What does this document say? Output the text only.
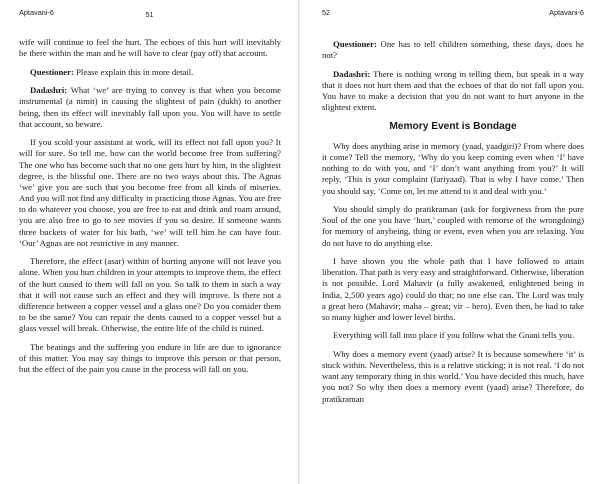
Aptavani-6	51

wife will continue to feel the hurt. The echoes of this hurt will inevitably be there within the man and he will have to clear (pay off) that account.

Questioner: Please explain this in more detail.

Dadashri: What ‘we’ are trying to convey is that when you become instrumental (a nimit) in causing the slightest of pain (dukh) to another being, then its effect will inevitably fall upon you. You will have to settle that account, so beware.

If you scold your assistant at work, will its effect not fall upon you? It will for sure. So tell me, how can the world become free from suffering? The one who has become such that no one gets hurt by him, in the slightest degree, is the blissful one. There are no two ways about this. The Agnas ‘we’ give you are such that you become free from all kinds of miseries. And you will not find any difficulty in practicing those Agnas. You are free to do whatever you choose, you are free to eat and drink and roam around, you are also free to go to see movies if you so desire. If someone wants three buckets of water for his bath, ‘we’ will tell him he can have four. ‘Our’ Agnas are not restrictive in any manner.

Therefore, the effect (asar) within of hurting anyone will not leave you alone. When you hurt children in your attempts to improve them, the effect of the hurt caused to them will fall on you. So talk to them in such a way that it will not cause such an effect and they will improve. Is there not a difference between a copper vessel and a glass one? Do you consider them to be the same? You can repair the dents caused to a copper vessel but a glass vessel will break. Otherwise, the entire life of the child is ruined.

The beatings and the suffering you endure in life are due to ignorance of this matter. You may say things to improve this person or that person, but the effect of the pain you cause in the process will fall on you.

52	Aptavani-6

Questioner: One has to tell children something, these days, does he not?

Dadashri: There is nothing wrong in telling them, but speak in a way that it does not hurt them and that the echoes of that do not fall upon you. You have to make a decision that you do not want to hurt anyone in the slightest extent.

Memory Event is Bondage

Why does anything arise in memory (yaad, yaadgiri)? From where does it come? Tell the memory, ‘Why do you keep coming even when ‘I’ have nothing to do with you, and ‘I’ don’t want anything from you?’ It will reply, ‘This is your complaint (fariyaad). That is why I have come.’ Then you should say, ‘Come on, let me attend to it and deal with you.’

You should simply do pratikraman (ask for forgiveness from the pure Soul of the one you have ‘hurt,’ coupled with remorse of the wrongdoing) for memory of anybeing, thing or event, even when you are relaxing. You do not have to do anything else.

I have shown you the whole path that I have followed to attain liberation. That path is very easy and straightforward. Otherwise, liberation is not possible. Lord Mahavir (a fully awakened, enlightened being in India, 2,500 years ago) could do that; no one else can. The Lord was truly a great hero (Mahavir; maha – great; vir – hero). Even then, he had to take so many higher and lower level births.

Everything will fall into place if you follow what the Gnani tells you.

Why does a memory event (yaad) arise? It is because somewhere ‘it’ is stuck within. Nevertheless, this is a relative sticking; it is not real. ‘I do not want any temporary thing in this world.’ You have decided this much, have you not? So why then does a memory event (yaad) arise? Therefore, do pratikraman
